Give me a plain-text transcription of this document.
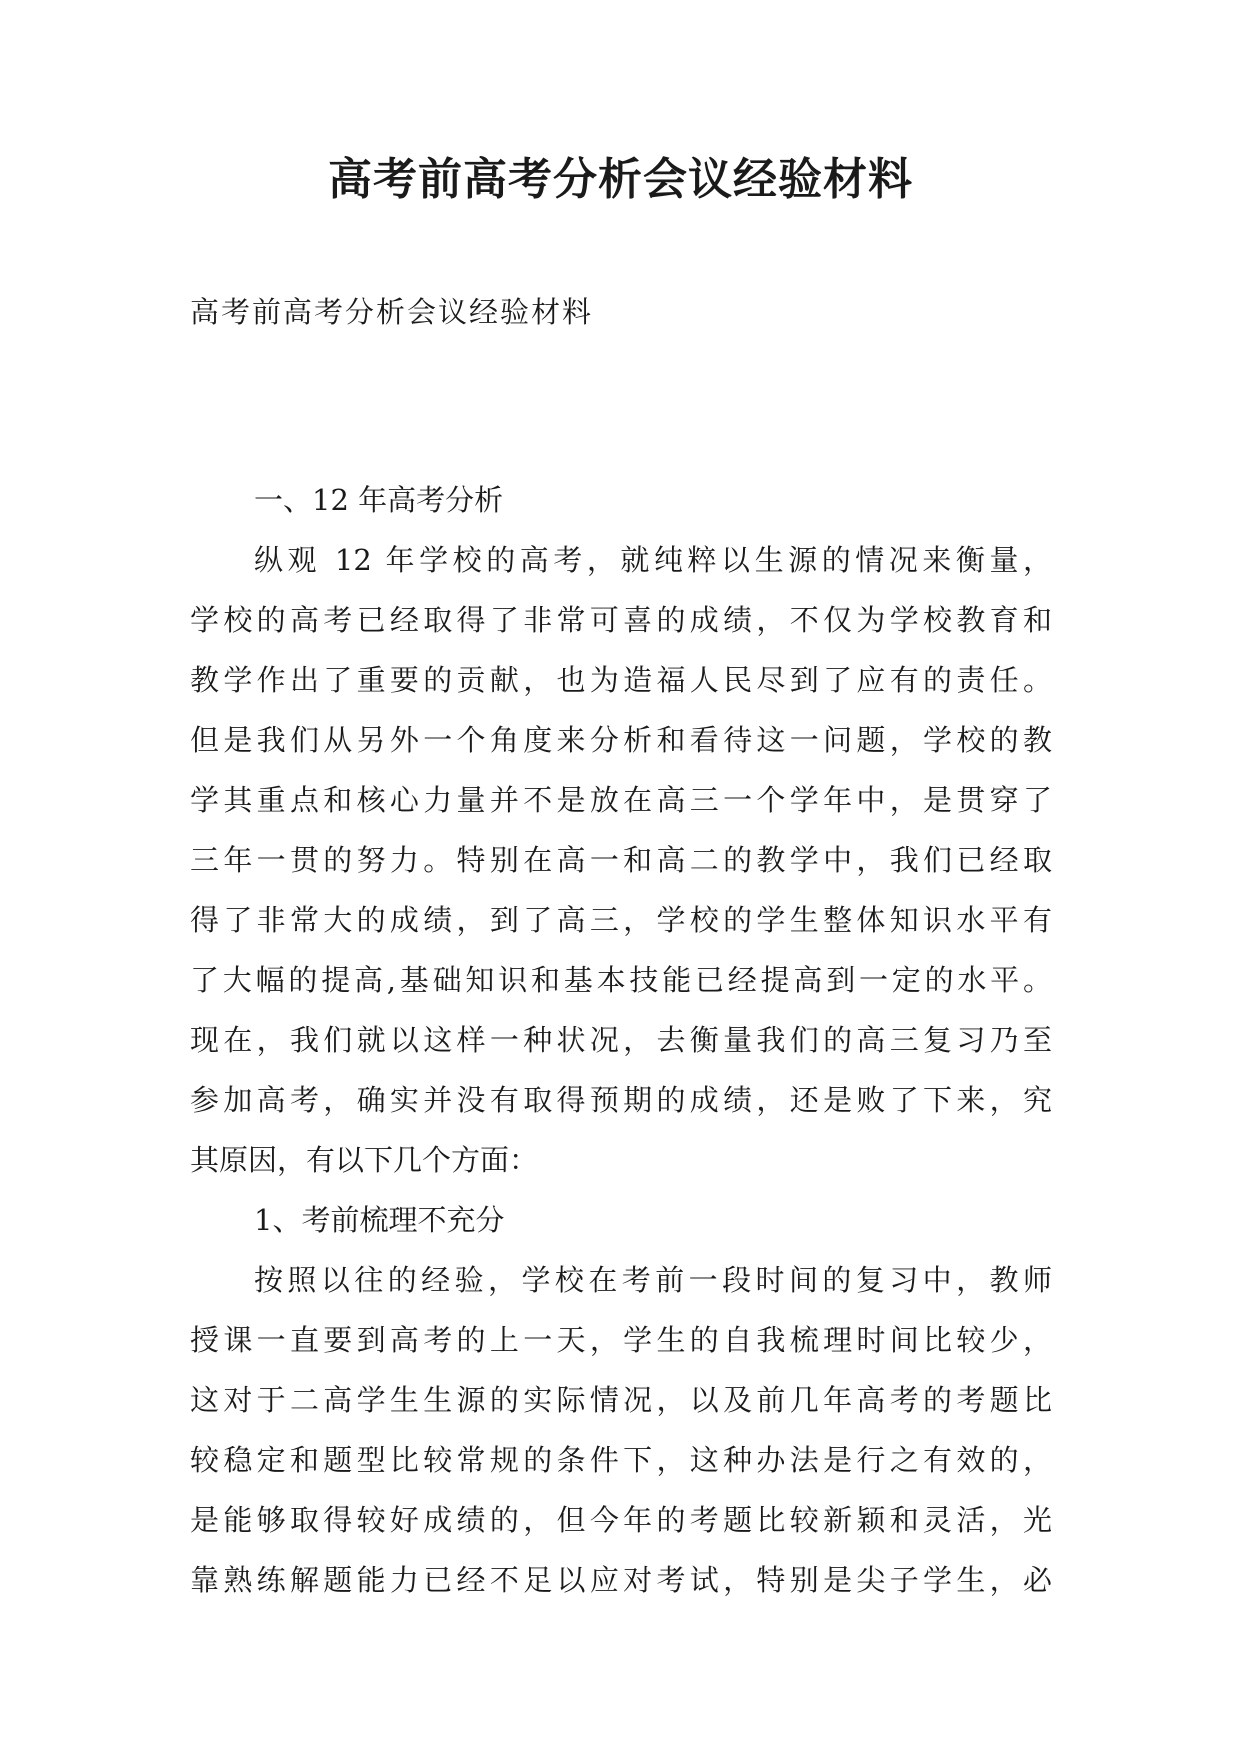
高考前高考分析会议经验材料

高考前高考分析会议经验材料

一、12 年高考分析
纵观 12 年学校的高考，就纯粹以生源的情况来衡量，
学校的高考已经取得了非常可喜的成绩，不仅为学校教育和
教学作出了重要的贡献，也为造福人民尽到了应有的责任。
但是我们从另外一个角度来分析和看待这一问题，学校的教
学其重点和核心力量并不是放在高三一个学年中，是贯穿了
三年一贯的努力。特别在高一和高二的教学中，我们已经取
得了非常大的成绩，到了高三，学校的学生整体知识水平有
了大幅的提高,基础知识和基本技能已经提高到一定的水平。
现在，我们就以这样一种状况，去衡量我们的高三复习乃至
参加高考，确实并没有取得预期的成绩，还是败了下来，究
其原因，有以下几个方面：
1、考前梳理不充分
按照以往的经验，学校在考前一段时间的复习中，教师
授课一直要到高考的上一天，学生的自我梳理时间比较少，
这对于二高学生生源的实际情况，以及前几年高考的考题比
较稳定和题型比较常规的条件下，这种办法是行之有效的，
是能够取得较好成绩的，但今年的考题比较新颖和灵活，光
靠熟练解题能力已经不足以应对考试，特别是尖子学生，必
